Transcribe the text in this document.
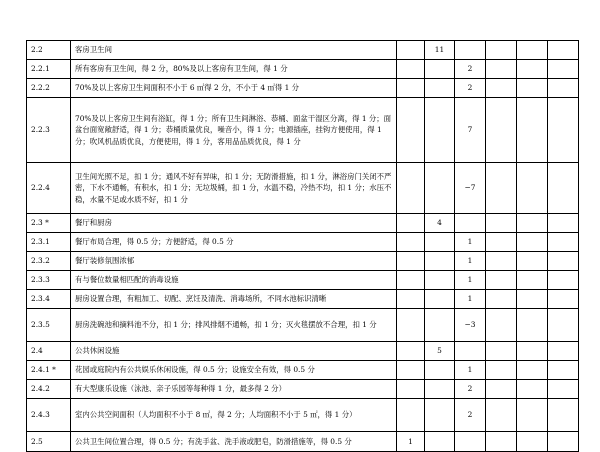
2.2	客房卫生间		11				
2.2.1	所有客房有卫生间，得 2 分，80%及以上客房有卫生间，得 1 分			2			
2.2.2	70%及以上客房卫生间面积不小于 6 ㎡得 2 分，不小于 4 ㎡得 1 分			2			
2.2.3	70%及以上客房卫生间有浴缸，得 1 分；所有卫生间淋浴、恭桶、面盆干湿区分离，得 1 分；面盆台面宽敞舒适，得 1 分；恭桶质量优良，噪音小，得 1 分；电源插座，挂钩方便使用，得 1 分；吹风机品质优良，方便使用，得 1 分，客用品品质优良，得 1 分			7			
2.2.4	卫生间光照不足，扣 1 分；通风不好有异味，扣 1 分；无防滑措施，扣 1 分，淋浴房门关闭不严密，下水不通畅，有积水，扣 1 分；无垃圾桶，扣 1 分，水温不稳，冷热不均，扣 1 分；水压不稳，水量不足或水质不好，扣 1 分			−7			
2.3 *	餐厅和厨房		4				
2.3.1	餐厅布局合理，得 0.5 分；方便舒适，得 0.5 分			1			
2.3.2	餐厅装修氛围浓郁			1			
2.3.3	有与餐位数量相匹配的消毒设施			1			
2.3.4	厨房设置合理，有粗加工、切配、烹饪及清洗、消毒场所，不同水池标识清晰			1			
2.3.5	厨房洗碗池和摘料池不分，扣 1 分；排风排烟不通畅，扣 1 分；灭火毯摆放不合理，扣 1 分			−3			
2.4	公共休闲设施		5				
2.4.1 *	花园或庭院内有公共娱乐休闲设施，得 0.5 分；设施安全有效，得 0.5 分			1			
2.4.2	有大型康乐设施（泳池、亲子乐园等每种得 1 分，最多得 2 分）			2			
2.4.3	室内公共空间面积（人均面积不小于 8 ㎡，得 2 分；人均面积不小于 5 ㎡，得 1 分）			2			
2.5	公共卫生间位置合理，得 0.5 分；有洗手盆、洗手液或肥皂，防滑措施等，得 0.5 分	1					
